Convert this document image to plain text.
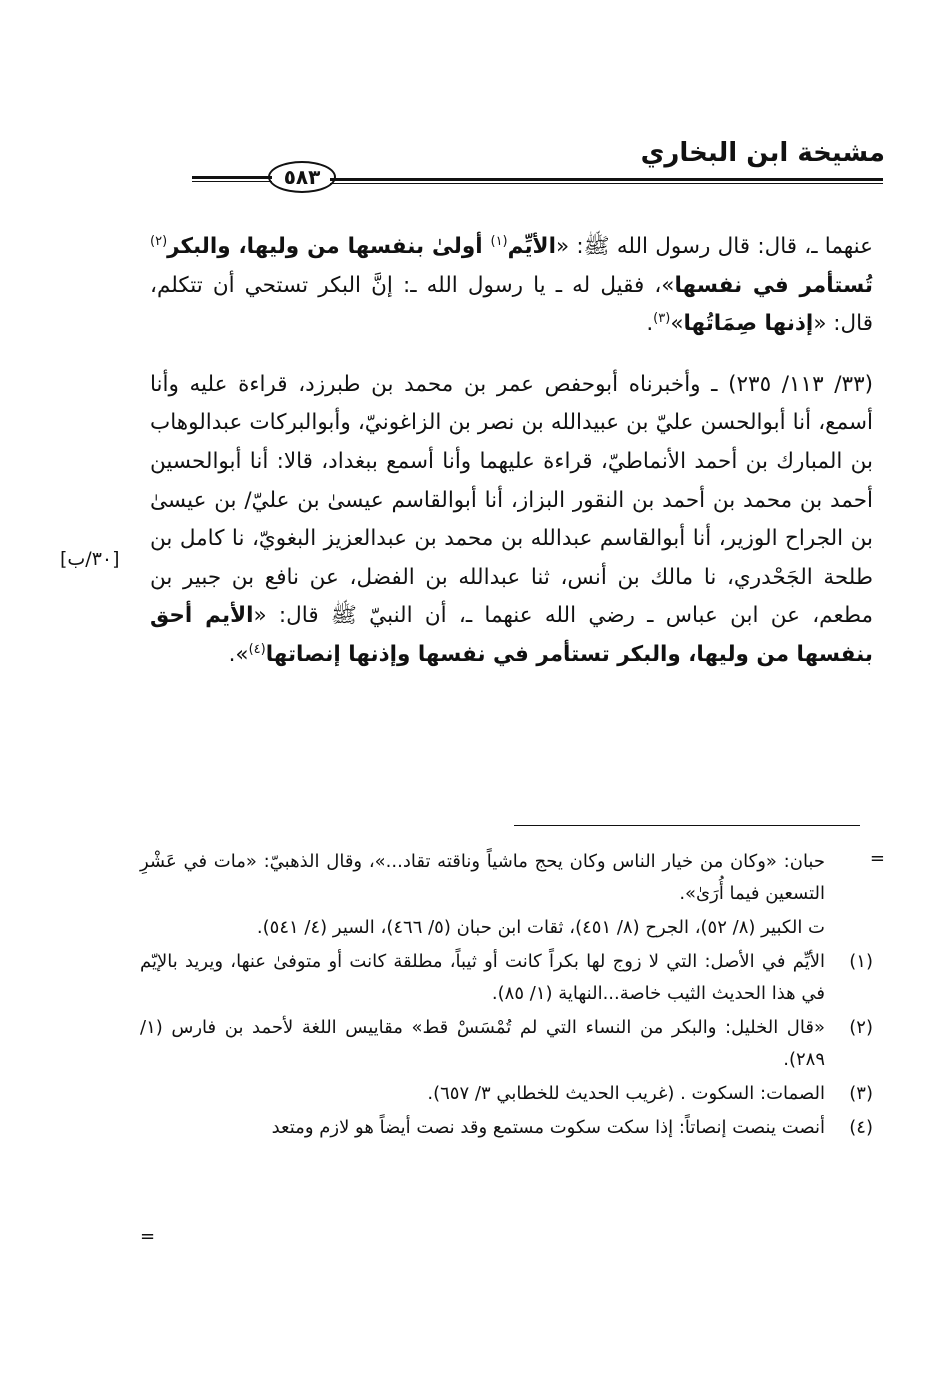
مشيخة ابن البخاري
٥٨٣

عنهما ـ، قال: قال رسول الله ﷺ: «الأيِّم$^{(١)}$ أولىٰ بنفسها من وليها، والبكر$^{(٢)}$ تُستأمر في نفسها»، فقيل له ـ يا رسول الله ـ: إنَّ البكر تستحي أن تتكلم، قال: «إذنها صِمَاتُها»$^{(٣)}$.

(٣٣/ ١١٣/ ٢٣٥) ـ وأخبرناه أبوحفص عمر بن محمد بن طبرزد، قراءة عليه وأنا أسمع، أنا أبوالحسن عليّ بن عبيدالله بن نصر بن الزاغونيّ، وأبوالبركات عبدالوهاب بن المبارك بن أحمد الأنماطيّ، قراءة عليهما وأنا أسمع ببغداد، قالا: أنا أبوالحسين أحمد بن محمد بن أحمد بن النقور البزاز، أنا أبوالقاسم عيسىٰ بن عليّ/ بن عيسىٰ بن الجراح الوزير، أنا أبوالقاسم عبدالله بن محمد بن عبدالعزيز البغويّ، نا كامل بن طلحة الجَحْدري، نا مالك بن أنس، ثنا عبدالله بن الفضل، عن نافع بن جبير بن مطعم، عن ابن عباس ـ رضي الله عنهما ـ، أن النبيّ ﷺ قال: «الأيم أحق بنفسها من وليها، والبكر تستأمر في نفسها وإذنها إنصاتها$^{(٤)}$».

[٣٠/ب]
=
حبان: «وكان من خيار الناس وكان يحج ماشياً وناقته تقاد...»، وقال الذهبيّ: «مات في عَشْرِ التسعين فيما أُرَىٰ».
ت الكبير (٨/ ٥٢)، الجرح (٨/ ٤٥١)، ثقات ابن حبان (٥/ ٤٦٦)، السير (٤/ ٥٤١).
(١)
الأيِّم في الأصل: التي لا زوج لها بكراً كانت أو ثيباً، مطلقة كانت أو متوفىٰ عنها، ويريد بالإيّم في هذا الحديث الثيب خاصة...النهاية (١/ ٨٥).
(٢)
«قال الخليل: والبكر من النساء التي لم تُمْسَسْ قط» مقاييس اللغة لأحمد بن فارس (١/ ٢٨٩).
(٣)
الصمات: السكوت . (غريب الحديث للخطابي ٣/ ٦٥٧).
(٤)
أنصت ينصت إنصاتاً: إذا سكت سكوت مستمع وقد نصت أيضاً هو لازم ومتعد
=
